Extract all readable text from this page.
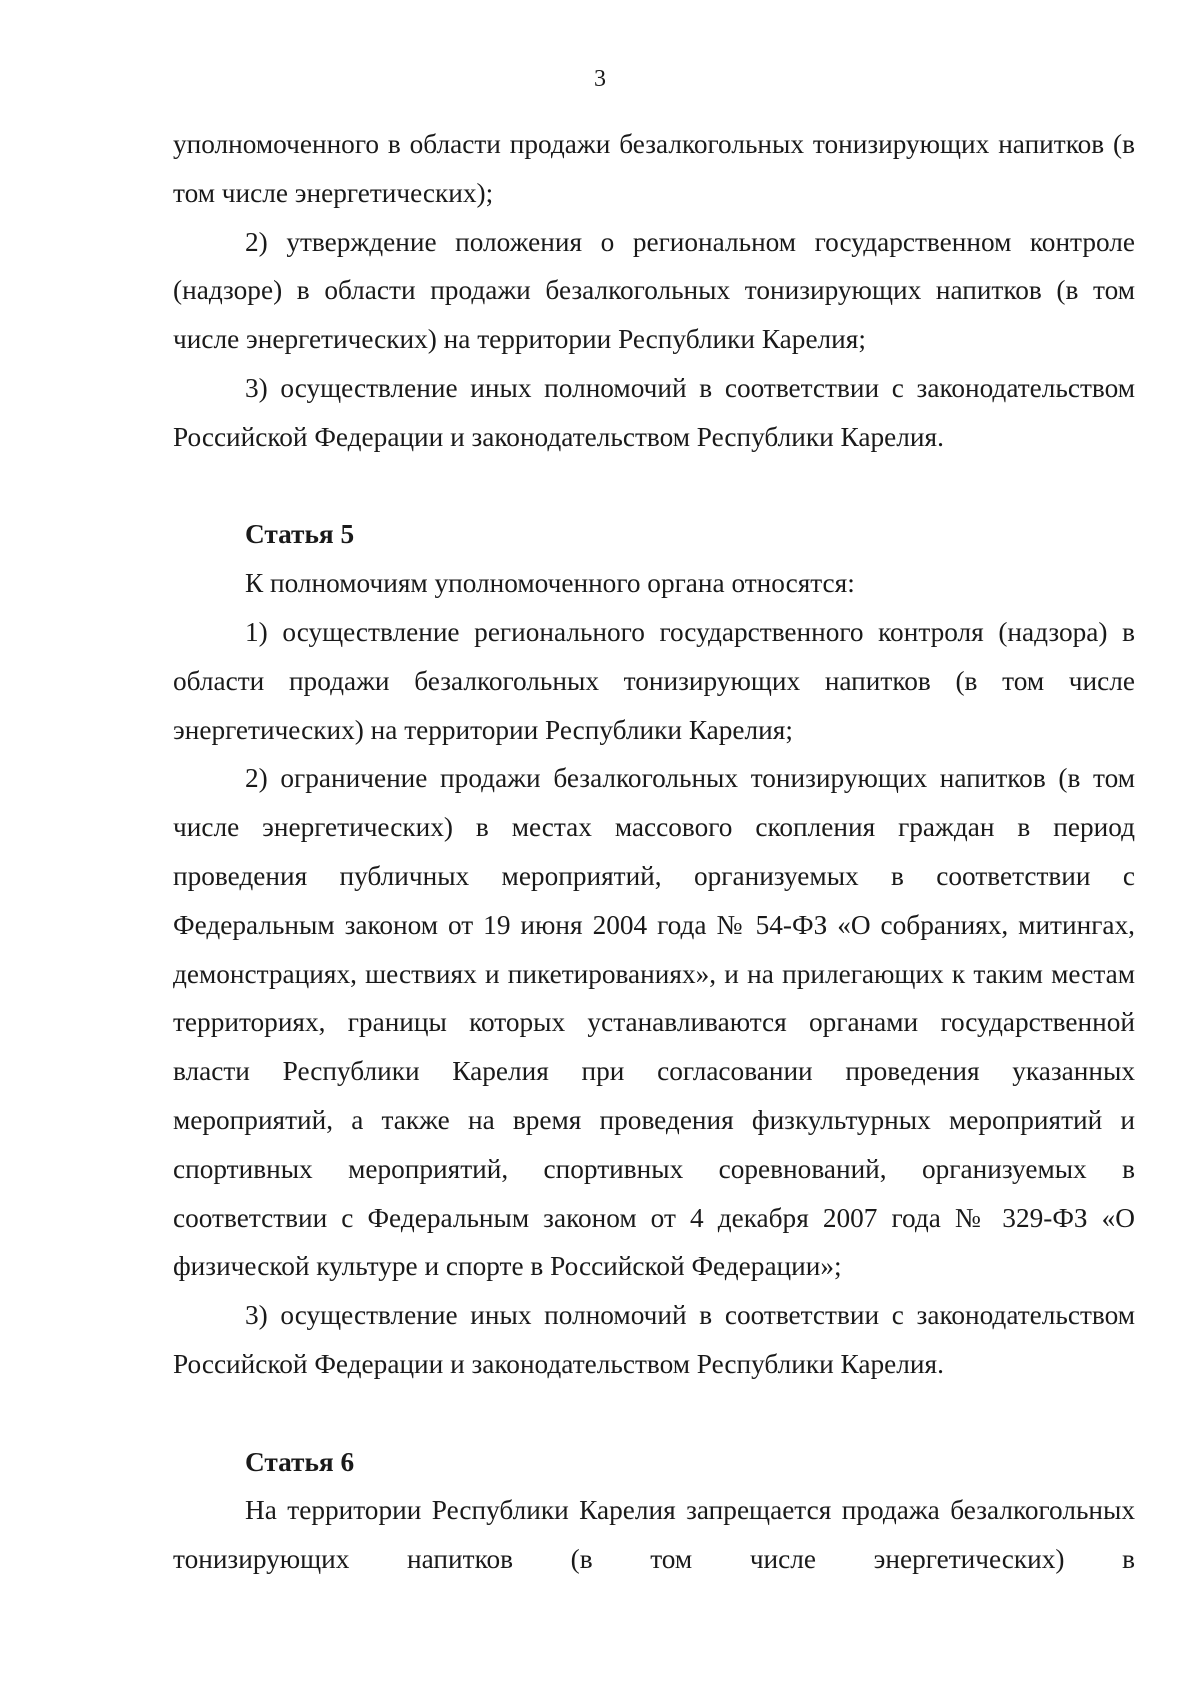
3

уполномоченного в области продажи безалкогольных тонизирующих напитков (в том числе энергетических);

2) утверждение положения о региональном государственном контроле (надзоре) в области продажи безалкогольных тонизирующих напитков (в том числе энергетических) на территории Республики Карелия;

3) осуществление иных полномочий в соответствии с законодательством Российской Федерации и законодательством Республики Карелия.

Статья 5

К полномочиям уполномоченного органа относятся:

1) осуществление регионального государственного контроля (надзора) в области продажи безалкогольных тонизирующих напитков (в том числе энергетических) на территории Республики Карелия;

2) ограничение продажи безалкогольных тонизирующих напитков (в том числе энергетических) в местах массового скопления граждан в период проведения публичных мероприятий, организуемых в соответствии с Федеральным законом от 19 июня 2004 года № 54-ФЗ «О собраниях, митингах, демонстрациях, шествиях и пикетированиях», и на прилегающих к таким местам территориях, границы которых устанавливаются органами государственной власти Республики Карелия при согласовании проведения указанных мероприятий, а также на время проведения физкультурных мероприятий и спортивных мероприятий, спортивных соревнований, организуемых в соответствии с Федеральным законом от 4 декабря 2007 года № 329-ФЗ «О физической культуре и спорте в Российской Федерации»;

3) осуществление иных полномочий в соответствии с законодательством Российской Федерации и законодательством Республики Карелия.

Статья 6

На территории Республики Карелия запрещается продажа безалкогольных тонизирующих напитков (в том числе энергетических) в
